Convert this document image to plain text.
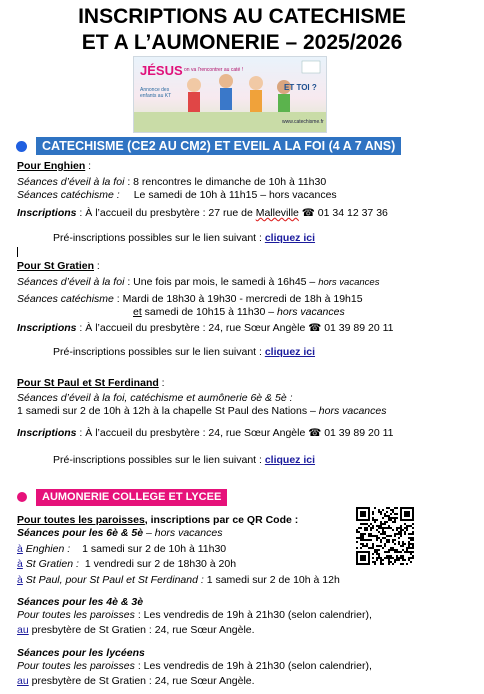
INSCRIPTIONS AU CATECHISME
ET A L’AUMONERIE – 2025/2026
JÉSUS on va l'rencontrer au caté !
Annonce des enfants au KT
ET TOI ?
www.catechisme.fr
CATECHISME (CE2 AU CM2) ET EVEIL A LA FOI (4 A 7 ANS)
Pour Enghien :
Séances d’éveil à la foi : 8 rencontres le dimanche de 10h à 11h30
Séances catéchisme : Le samedi de 10h à 11h15 – hors vacances
Inscriptions : À l’accueil du presbytère : 27 rue de Malleville ☎ 01 34 12 37 36
Pré-inscriptions possibles sur le lien suivant : cliquez ici
Pour St Gratien :
Séances d’éveil à la foi : Une fois par mois, le samedi à 16h45 – hors vacances
Séances catéchisme : Mardi de 18h30 à 19h30 - mercredi de 18h à 19h15
et samedi de 10h15 à 11h30 – hors vacances
Inscriptions : À l’accueil du presbytère : 24, rue Sœur Angèle ☎ 01 39 89 20 11
Pré-inscriptions possibles sur le lien suivant : cliquez ici
Pour St Paul et St Ferdinand :
Séances d’éveil à la foi, catéchisme et aumônerie 6è & 5è :
1 samedi sur 2 de 10h à 12h à la chapelle St Paul des Nations – hors vacances
Inscriptions : À l’accueil du presbytère : 24, rue Sœur Angèle ☎ 01 39 89 20 11
Pré-inscriptions possibles sur le lien suivant : cliquez ici
AUMONERIE COLLEGE ET LYCEE
Pour toutes les paroisses, inscriptions par ce QR Code :
Séances pour les 6è & 5è – hors vacances
à Enghien : 1 samedi sur 2 de 10h à 11h30
à St Gratien : 1 vendredi sur 2 de 18h30 à 20h
à St Paul, pour St Paul et St Ferdinand : 1 samedi sur 2 de 10h à 12h
Séances pour les 4è & 3è
Pour toutes les paroisses : Les vendredis de 19h à 21h30 (selon calendrier),
au presbytère de St Gratien : 24, rue Sœur Angèle.
Séances pour les lycéens
Pour toutes les paroisses : Les vendredis de 19h à 21h30 (selon calendrier),
au presbytère de St Gratien : 24, rue Sœur Angèle.
